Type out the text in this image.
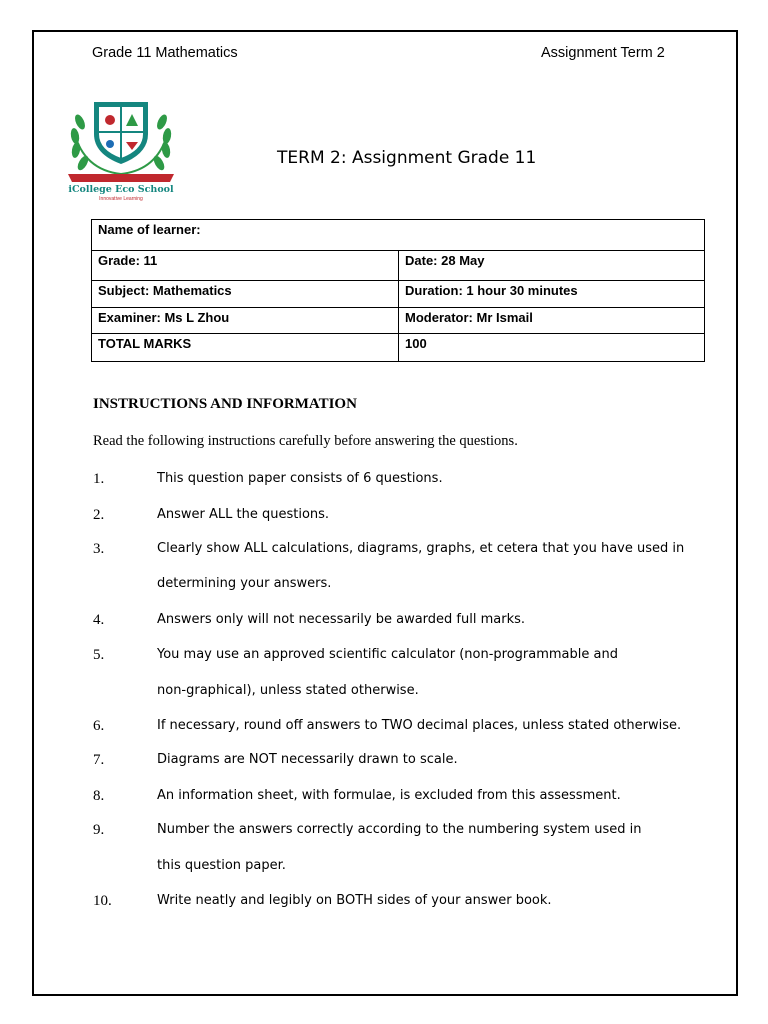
Grade 11 Mathematics	Assignment Term 2
iCollege Eco School
Innovative Learning
TERM 2: Assignment Grade 11
Name of learner:	
Grade: 11	Date: 28 May
Subject: Mathematics	Duration: 1 hour 30 minutes
Examiner: Ms L Zhou	Moderator: Mr Ismail
TOTAL MARKS	100
INSTRUCTIONS AND INFORMATION
Read the following instructions carefully before answering the questions.
1.	This question paper consists of 6 questions.
2.	Answer ALL the questions.
3.	Clearly show ALL calculations, diagrams, graphs, et cetera that you have used in
determining your answers.
4.	Answers only will not necessarily be awarded full marks.
5.	You may use an approved scientific calculator (non-programmable and
non-graphical), unless stated otherwise.
6.	If necessary, round off answers to TWO decimal places, unless stated otherwise.
7.	Diagrams are NOT necessarily drawn to scale.
8.	An information sheet, with formulae, is excluded from this assessment.
9.	Number the answers correctly according to the numbering system used in
this question paper.
10.	Write neatly and legibly on BOTH sides of your answer book.
